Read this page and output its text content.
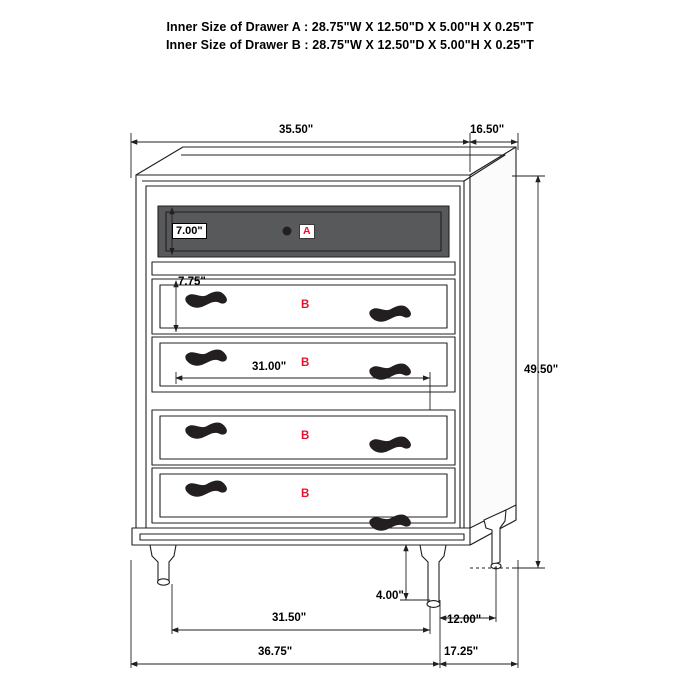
Inner Size of Drawer A : 28.75"W X 12.50"D X 5.00"H X 0.25"T
Inner Size of Drawer B : 28.75"W X 12.50"D X 5.00"H X 0.25"T
35.50"	16.50"
49.50"
7.00"
7.75"
31.00"
4.00"
12.00"
31.50"
36.75"	17.25"
A
B
B
B
B
